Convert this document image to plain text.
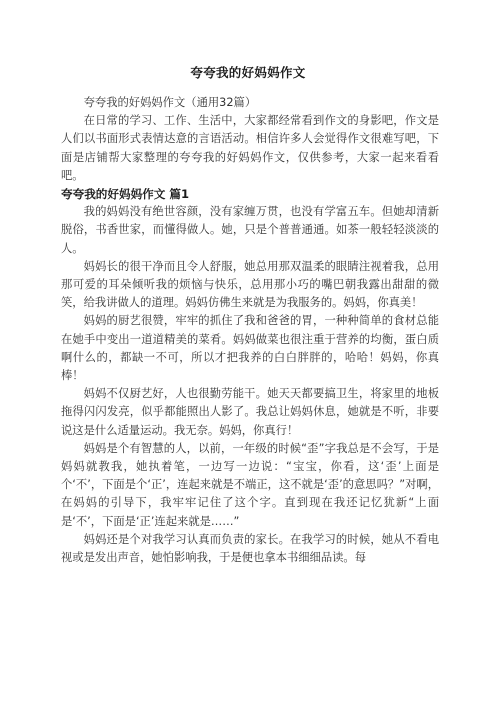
夸夸我的好妈妈作文

夸夸我的好妈妈作文（通用32篇）

在日常的学习、工作、生活中，大家都经常看到作文的身影吧，作文是人们以书面形式表情达意的言语活动。相信许多人会觉得作文很难写吧，下面是店铺帮大家整理的夸夸我的好妈妈作文，仅供参考，大家一起来看看吧。

夸夸我的好妈妈作文 篇1

我的妈妈没有绝世容颜，没有家缠万贯，也没有学富五车。但她却清新脱俗，书香世家，而懂得做人。她，只是个普普通通。如茶一般轻轻淡淡的人。

妈妈长的很干净而且令人舒服，她总用那双温柔的眼睛注视着我，总用那可爱的耳朵倾听我的烦恼与快乐，总用那小巧的嘴巴朝我露出甜甜的微笑，给我讲做人的道理。妈妈仿佛生来就是为我服务的。妈妈，你真美！

妈妈的厨艺很赞，牢牢的抓住了我和爸爸的胃，一种种简单的食材总能在她手中变出一道道精美的菜肴。妈妈做菜也很注重于营养的均衡，蛋白质啊什么的，都缺一不可，所以才把我养的白白胖胖的，哈哈！妈妈，你真棒！

妈妈不仅厨艺好，人也很勤劳能干。她天天都要搞卫生，将家里的地板拖得闪闪发亮，似乎都能照出人影了。我总让妈妈休息，她就是不听，非要说这是什么适量运动。我无奈。妈妈，你真行！

妈妈是个有智慧的人，以前，一年级的时候“歪”字我总是不会写，于是妈妈就教我，她执着笔，一边写一边说：“宝宝，你看，这‘歪’上面是个‘不’，下面是个‘正’，连起来就是不端正，这不就是‘歪’的意思吗？”对啊，在妈妈的引导下，我牢牢记住了这个字。直到现在我还记忆犹新“上面是‘不’，下面是‘正’连起来就是……”

妈妈还是个对我学习认真而负责的家长。在我学习的时候，她从不看电视或是发出声音，她怕影响我，于是便也拿本书细细品读。每
